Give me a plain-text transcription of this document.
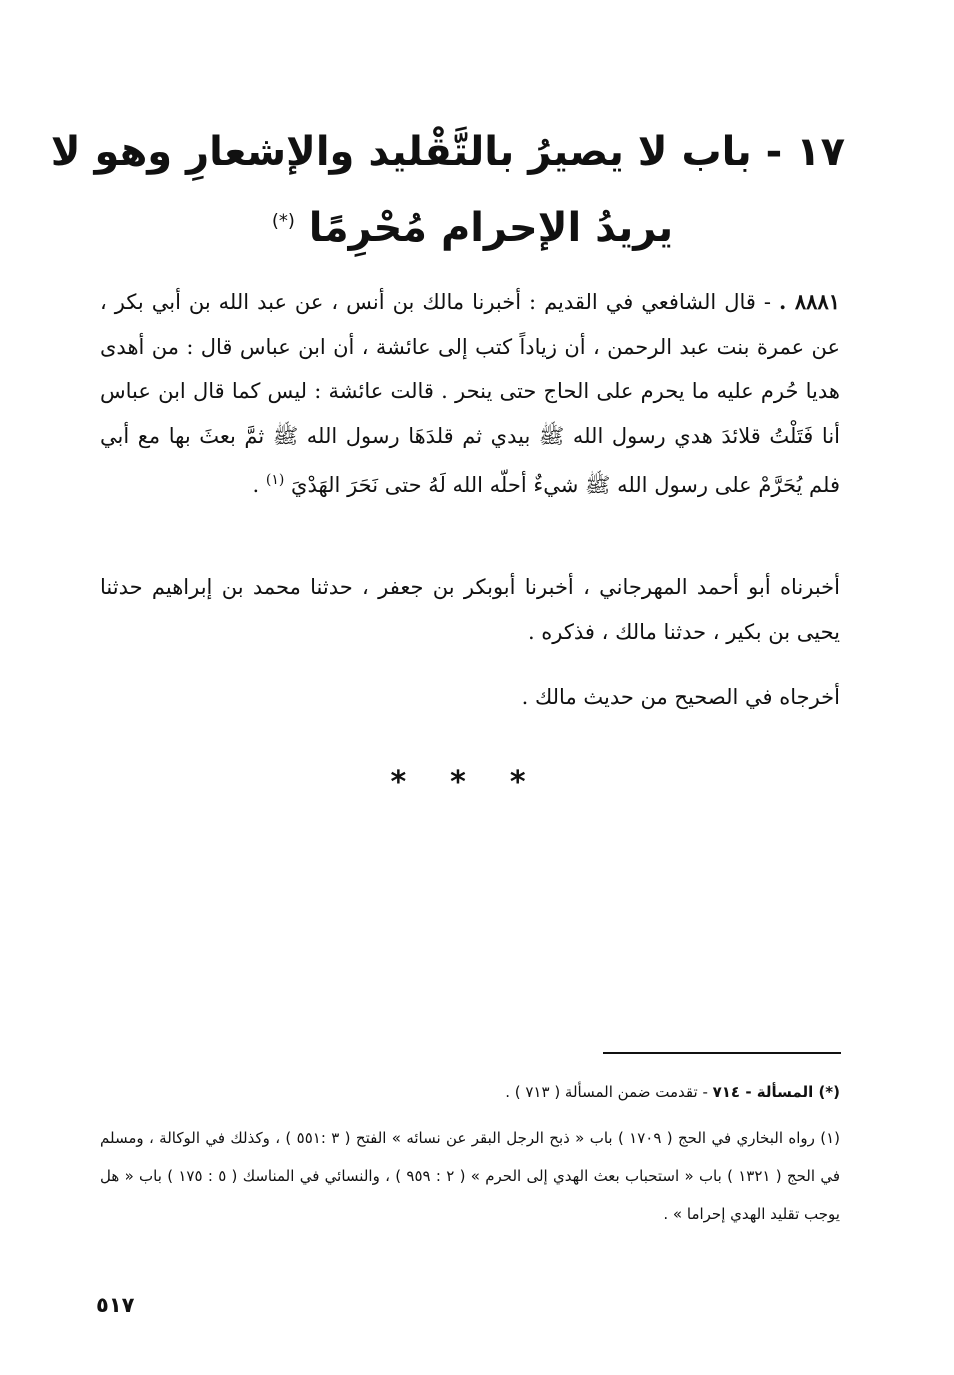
١٧ - باب لا يصيرُ بالتَّقْليد والإشعارِ وهو لا
يريدُ الإحرام مُحْرِمًا (*)
٨٨٨١ . - قال الشافعي في القديم : أخبرنا مالك بن أنس ، عن عبد الله بن أبي بكر ، عن عمرة بنت عبد الرحمن ، أن زياداً كتب إلى عائشة ، أن ابن عباس قال : من أهدى هديا حُرم عليه ما يحرم على الحاج حتى ينحر . قالت عائشة : ليس كما قال ابن عباس أنا فَتَلْتُ قلائدَ هدي رسول الله ﷺ بيدي ثم قلدَهَا رسول الله ﷺ ثمَّ بعثَ بها مع أبي فلم يُحَرَّمْ على رسول الله ﷺ شيءٌ أحلّه الله لَهُ حتى نَحَرَ الهَدْيَ $^{(١)}$ .
أخبرناه أبو أحمد المهرجاني ، أخبرنا أبوبكر بن جعفر ، حدثنا محمد بن إبراهيم حدثنا يحيى بن بكير ، حدثنا مالك ، فذكره .
أخرجاه في الصحيح من حديث مالك .
***
(*) المسألة - ٧١٤ - تقدمت ضمن المسألة ( ٧١٣ ) .
(١) رواه البخاري في الحج ( ١٧٠٩ ) باب « ذبح الرجل البقر عن نسائه » الفتح ( ٣ :٥٥١ ) ، وكذلك في الوكالة ، ومسلم في الحج ( ١٣٢١ ) باب « استحباب بعث الهدي إلى الحرم » ( ٢ : ٩٥٩ ) ، والنسائي في المناسك ( ٥ : ١٧٥ ) باب « هل يوجب تقليد الهدي إحراما » .
٥١٧
